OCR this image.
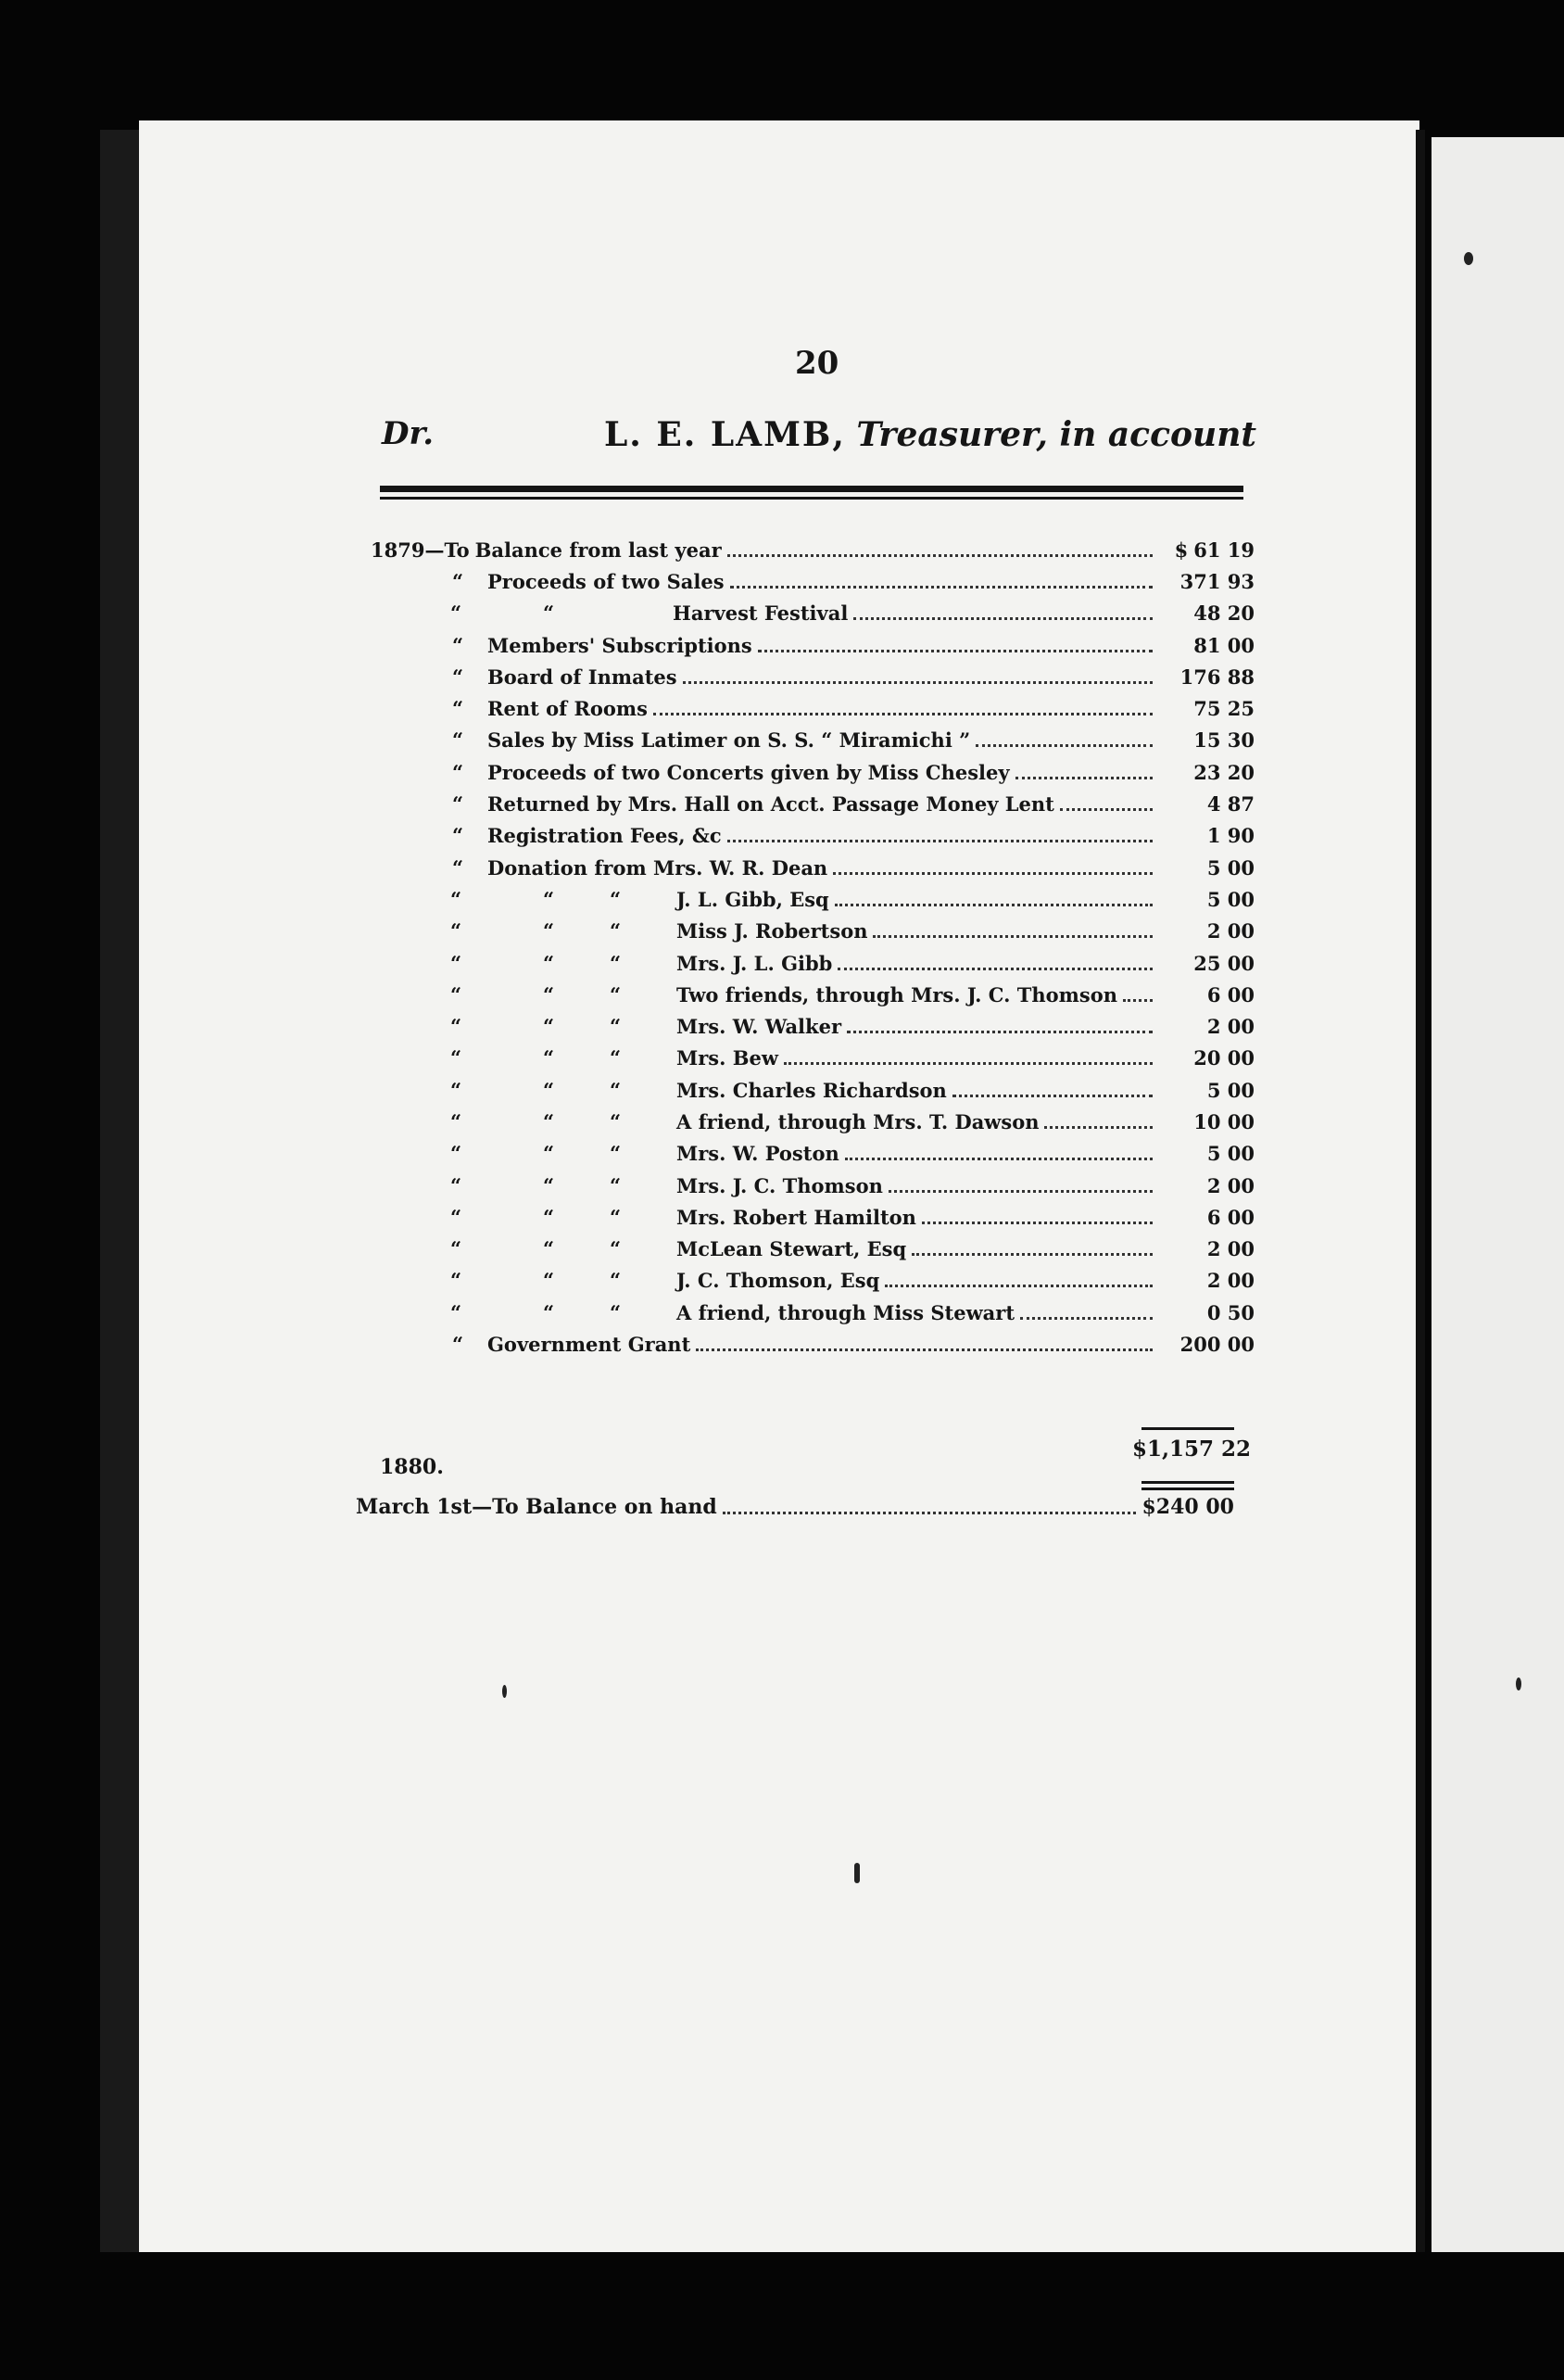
20
Dr.	L. E. LAMB, Treasurer, in account
1879—To Balance from last year	$ 61 19
“	Proceeds of two Sales	371 93
“	“	Harvest Festival	48 20
“	Members' Subscriptions	81 00
“	Board of Inmates	176 88
“	Rent of Rooms	75 25
“	Sales by Miss Latimer on S. S. “ Miramichi ”	15 30
“	Proceeds of two Concerts given by Miss Chesley	23 20
“	Returned by Mrs. Hall on Acct. Passage Money Lent	4 87
“	Registration Fees, &c	1 90
“	Donation from Mrs. W. R. Dean	5 00
“	“	“	J. L. Gibb, Esq	5 00
“	“	“	Miss J. Robertson	2 00
“	“	“	Mrs. J. L. Gibb	25 00
“	“	“	Two friends, through Mrs. J. C. Thomson	6 00
“	“	“	Mrs. W. Walker	2 00
“	“	“	Mrs. Bew	20 00
“	“	“	Mrs. Charles Richardson	5 00
“	“	“	A friend, through Mrs. T. Dawson	10 00
“	“	“	Mrs. W. Poston	5 00
“	“	“	Mrs. J. C. Thomson	2 00
“	“	“	Mrs. Robert Hamilton	6 00
“	“	“	McLean Stewart, Esq	2 00
“	“	“	J. C. Thomson, Esq	2 00
“	“	“	A friend, through Miss Stewart	0 50
“	Government Grant	200 00
$1,157 22
1880.
March 1st—To Balance on hand	$240 00
